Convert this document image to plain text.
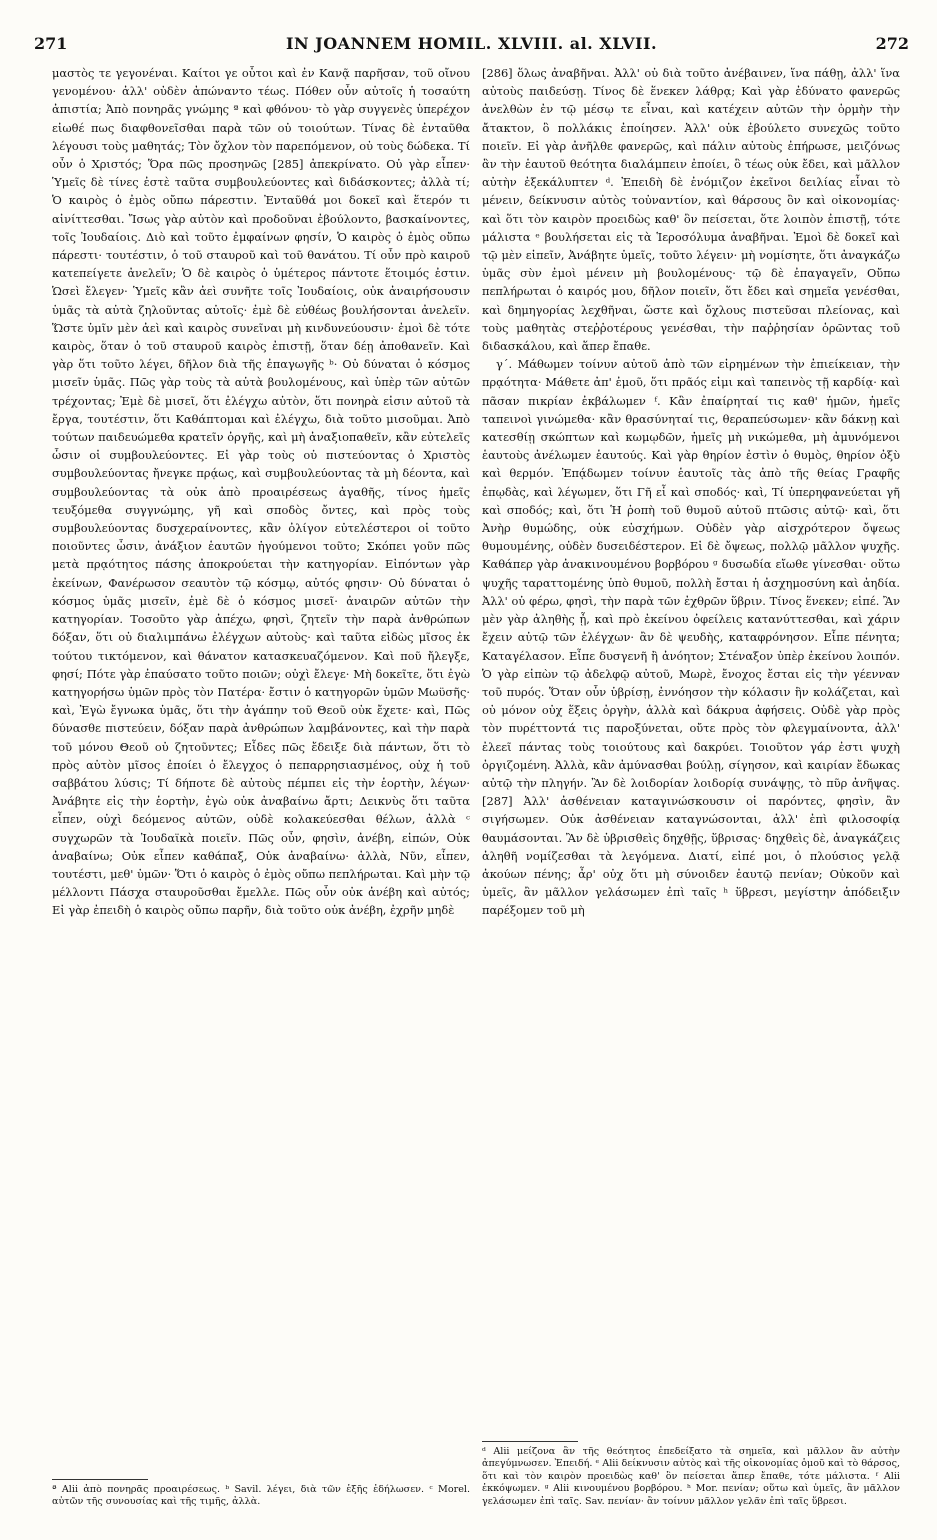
271	IN JOANNEM HOMIL. XLVIII. al. XLVII.	272

μαστὸς τε γεγονέναι. Καίτοι γε οὗτοι καὶ ἐν Κανᾷ παρῆσαν, τοῦ οἴνου γενομένου· ἀλλ' οὐδὲν ἀπώναντο τέως. Πόθεν οὖν αὐτοῖς ἡ τοσαύτη ἀπιστία; Ἀπὸ πονηρᾶς γνώμης ª καὶ φθόνου· τὸ γὰρ συγγενὲς ὑπερέχον εἰωθέ πως διαφθονεῖσθαι παρὰ τῶν οὐ τοιούτων. Τίνας δὲ ἐνταῦθα λέγουσι τοὺς μαθητάς; Τὸν ὄχλον τὸν παρεπόμενον, οὐ τοὺς δώδεκα. Τί οὖν ὁ Χριστός; Ὅρα πῶς προσηνῶς [285] ἀπεκρίνατο. Οὐ γὰρ εἶπεν· Ὑμεῖς δὲ τίνες ἐστὲ ταῦτα συμβουλεύοντες καὶ διδάσκοντες; ἀλλὰ τί; Ὁ καιρὸς ὁ ἐμὸς οὔπω πάρεστιν. Ἐνταῦθά μοι δοκεῖ καὶ ἕτερόν τι αἰνίττεσθαι. Ἴσως γὰρ αὐτὸν καὶ προδοῦναι ἐβούλοντο, βασκαίνοντες, τοῖς Ἰουδαίοις. Διὸ καὶ τοῦτο ἐμφαίνων φησίν, Ὁ καιρὸς ὁ ἐμὸς οὔπω πάρεστι· τουτέστιν, ὁ τοῦ σταυροῦ καὶ τοῦ θανάτου. Τί οὖν πρὸ καιροῦ κατεπείγετε ἀνελεῖν; Ὁ δὲ καιρὸς ὁ ὑμέτερος πάντοτε ἕτοιμός ἐστιν. Ὡσεὶ ἔλεγεν· Ὑμεῖς κἂν ἀεὶ συνῆτε τοῖς Ἰουδαίοις, οὐκ ἀναιρήσουσιν ὑμᾶς τὰ αὐτὰ ζηλοῦντας αὐτοῖς· ἐμὲ δὲ εὐθέως βουλήσονται ἀνελεῖν. Ὥστε ὑμῖν μὲν ἀεὶ καὶ καιρὸς συνεῖναι μὴ κινδυνεύουσιν· ἐμοὶ δὲ τότε καιρὸς, ὅταν ὁ τοῦ σταυροῦ καιρὸς ἐπιστῇ, ὅταν δέῃ ἀποθανεῖν. Καὶ γὰρ ὅτι τοῦτο λέγει, δῆλον διὰ τῆς ἐπαγωγῆς ᵇ· Οὐ δύναται ὁ κόσμος μισεῖν ὑμᾶς. Πῶς γὰρ τοὺς τὰ αὐτὰ βουλομένους, καὶ ὑπὲρ τῶν αὐτῶν τρέχοντας; Ἐμὲ δὲ μισεῖ, ὅτι ἐλέγχω αὐτὸν, ὅτι πονηρὰ εἰσιν αὐτοῦ τὰ ἔργα, τουτέστιν, ὅτι Καθάπτομαι καὶ ἐλέγχω, διὰ τοῦτο μισοῦμαι. Ἀπὸ τούτων παιδευώμεθα κρατεῖν ὀργῆς, καὶ μὴ ἀναξιοπαθεῖν, κἂν εὐτελεῖς ὦσιν οἱ συμβουλεύοντες. Εἰ γὰρ τοὺς οὐ πιστεύοντας ὁ Χριστὸς συμβουλεύοντας ἤνεγκε πρᾴως, καὶ συμβουλεύοντας τὰ μὴ δέοντα, καὶ συμβουλεύοντας τὰ οὐκ ἀπὸ προαιρέσεως ἀγαθῆς, τίνος ἡμεῖς τευξόμεθα συγγνώμης, γῆ καὶ σποδὸς ὄντες, καὶ πρὸς τοὺς συμβουλεύοντας δυσχεραίνοντες, κἂν ὀλίγον εὐτελέστεροι οἱ τοῦτο ποιοῦντες ὦσιν, ἀνάξιον ἑαυτῶν ἡγούμενοι τοῦτο; Σκόπει γοῦν πῶς μετὰ πρᾳότητος πάσης ἀποκρούεται τὴν κατηγορίαν. Εἰπόντων γὰρ ἐκείνων, Φανέρωσον σεαυτὸν τῷ κόσμῳ, αὐτός φησιν· Οὐ δύναται ὁ κόσμος ὑμᾶς μισεῖν, ἐμὲ δὲ ὁ κόσμος μισεῖ· ἀναιρῶν αὐτῶν τὴν κατηγορίαν. Τοσοῦτο γὰρ ἀπέχω, φησὶ, ζητεῖν τὴν παρὰ ἀνθρώπων δόξαν, ὅτι οὐ διαλιμπάνω ἐλέγχων αὐτοὺς· καὶ ταῦτα εἰδὼς μῖσος ἐκ τούτου τικτόμενον, καὶ θάνατον κατασκευαζόμενον. Καὶ ποῦ ἤλεγξε, φησί; Πότε γὰρ ἐπαύσατο τοῦτο ποιῶν; οὐχὶ ἔλεγε· Μὴ δοκεῖτε, ὅτι ἐγὼ κατηγορήσω ὑμῶν πρὸς τὸν Πατέρα· ἔστιν ὁ κατηγορῶν ὑμῶν Μωϋσῆς· καὶ, Ἐγὼ ἔγνωκα ὑμᾶς, ὅτι τὴν ἀγάπην τοῦ Θεοῦ οὐκ ἔχετε· καὶ, Πῶς δύνασθε πιστεύειν, δόξαν παρὰ ἀνθρώπων λαμβάνοντες, καὶ τὴν παρὰ τοῦ μόνου Θεοῦ οὐ ζητοῦντες; Εἶδες πῶς ἔδειξε διὰ πάντων, ὅτι τὸ πρὸς αὐτὸν μῖσος ἐποίει ὁ ἔλεγχος ὁ πεπαρρησιασμένος, οὐχ ἡ τοῦ σαββάτου λύσις; Τί δήποτε δὲ αὐτοὺς πέμπει εἰς τὴν ἑορτὴν, λέγων· Ἀνάβητε εἰς τὴν ἑορτὴν, ἐγὼ οὐκ ἀναβαίνω ἄρτι; Δεικνὺς ὅτι ταῦτα εἶπεν, οὐχὶ δεόμενος αὐτῶν, οὐδὲ κολακεύεσθαι θέλων, ἀλλὰ ᶜ συγχωρῶν τὰ Ἰουδαϊκὰ ποιεῖν. Πῶς οὖν, φησὶν, ἀνέβη, εἰπών, Οὐκ ἀναβαίνω; Οὐκ εἶπεν καθάπαξ, Οὐκ ἀναβαίνω· ἀλλὰ, Νῦν, εἶπεν, τουτέστι, μεθ' ὑμῶν· Ὅτι ὁ καιρὸς ὁ ἐμὸς οὔπω πεπλήρωται. Καὶ μὴν τῷ μέλλοντι Πάσχα σταυροῦσθαι ἔμελλε. Πῶς οὖν οὐκ ἀνέβη καὶ αὐτός; Εἰ γὰρ ἐπειδὴ ὁ καιρὸς οὔπω παρῆν, διὰ τοῦτο οὐκ ἀνέβη, ἐχρῆν μηδὲ

[286] ὅλως ἀναβῆναι. Ἀλλ' οὐ διὰ τοῦτο ἀνέβαινεν, ἵνα πάθῃ, ἀλλ' ἵνα αὐτοὺς παιδεύσῃ. Τίνος δὲ ἕνεκεν λάθρᾳ; Καὶ γὰρ ἐδύνατο φανερῶς ἀνελθὼν ἐν τῷ μέσῳ τε εἶναι, καὶ κατέχειν αὐτῶν τὴν ὁρμὴν τὴν ἄτακτον, ὃ πολλάκις ἐποίησεν. Ἀλλ' οὐκ ἐβούλετο συνεχῶς τοῦτο ποιεῖν. Εἰ γὰρ ἀνῆλθε φανερῶς, καὶ πάλιν αὐτοὺς ἐπήρωσε, μειζόνως ἂν τὴν ἑαυτοῦ θεότητα διαλάμπειν ἐποίει, ὃ τέως οὐκ ἔδει, καὶ μᾶλλον αὐτὴν ἐξεκάλυπτεν ᵈ. Ἐπειδὴ δὲ ἐνόμιζον ἐκεῖνοι δειλίας εἶναι τὸ μένειν, δείκνυσιν αὐτὸς τοὐναντίον, καὶ θάρσους ὂν καὶ οἰκονομίας· καὶ ὅτι τὸν καιρὸν προειδὼς καθ' ὃν πείσεται, ὅτε λοιπὸν ἐπιστῇ, τότε μάλιστα ᵉ βουλήσεται εἰς τὰ Ἱεροσόλυμα ἀναβῆναι. Ἐμοὶ δὲ δοκεῖ καὶ τῷ μὲν εἰπεῖν, Ἀνάβητε ὑμεῖς, τοῦτο λέγειν· μὴ νομίσητε, ὅτι ἀναγκάζω ὑμᾶς σὺν ἐμοὶ μένειν μὴ βουλομένους· τῷ δὲ ἐπαγαγεῖν, Οὔπω πεπλήρωται ὁ καιρός μου, δῆλον ποιεῖν, ὅτι ἔδει καὶ σημεῖα γενέσθαι, καὶ δημηγορίας λεχθῆναι, ὥστε καὶ ὄχλους πιστεῦσαι πλείονας, καὶ τοὺς μαθητὰς στεῤῥοτέρους γενέσθαι, τὴν παῤῥησίαν ὁρῶντας τοῦ διδασκάλου, καὶ ἅπερ ἔπαθε.

γ΄. Μάθωμεν τοίνυν αὐτοῦ ἀπὸ τῶν εἰρημένων τὴν ἐπιείκειαν, τὴν πρᾳότητα· Μάθετε ἀπ' ἐμοῦ, ὅτι πρᾶός εἰμι καὶ ταπεινὸς τῇ καρδίᾳ· καὶ πᾶσαν πικρίαν ἐκβάλωμεν ᶠ. Κἂν ἐπαίρηταί τις καθ' ἡμῶν, ἡμεῖς ταπεινοὶ γινώμεθα· κἂν θρασύνηταί τις, θεραπεύσωμεν· κἂν δάκνῃ καὶ κατεσθίῃ σκώπτων καὶ κωμῳδῶν, ἡμεῖς μὴ νικώμεθα, μὴ ἀμυνόμενοι ἑαυτοὺς ἀνέλωμεν ἑαυτούς. Καὶ γὰρ θηρίον ἐστὶν ὁ θυμὸς, θηρίον ὀξὺ καὶ θερμόν. Ἐπᾴδωμεν τοίνυν ἑαυτοῖς τὰς ἀπὸ τῆς θείας Γραφῆς ἐπῳδὰς, καὶ λέγωμεν, ὅτι Γῆ εἶ καὶ σποδός· καὶ, Τί ὑπερηφανεύεται γῆ καὶ σποδός; καὶ, ὅτι Ἡ ῥοπὴ τοῦ θυμοῦ αὐτοῦ πτῶσις αὐτῷ· καὶ, ὅτι Ἀνὴρ θυμώδης, οὐκ εὐσχήμων. Οὐδὲν γὰρ αἰσχρότερον ὄψεως θυμουμένης, οὐδὲν δυσειδέστερον. Εἰ δὲ ὄψεως, πολλῷ μᾶλλον ψυχῆς. Καθάπερ γὰρ ἀνακινουμένου βορβόρου ᵍ δυσωδία εἴωθε γίνεσθαι· οὕτω ψυχῆς ταραττομένης ὑπὸ θυμοῦ, πολλὴ ἔσται ἡ ἀσχημοσύνη καὶ ἀηδία. Ἀλλ' οὐ φέρω, φησὶ, τὴν παρὰ τῶν ἐχθρῶν ὕβριν. Τίνος ἕνεκεν; εἰπέ. Ἂν μὲν γὰρ ἀληθὴς ᾖ, καὶ πρὸ ἐκείνου ὀφείλεις κατανύττεσθαι, καὶ χάριν ἔχειν αὐτῷ τῶν ἐλέγχων· ἂν δὲ ψευδὴς, καταφρόνησον. Εἶπε πένητα; Καταγέλασον. Εἶπε δυσγενῆ ἢ ἀνόητον; Στέναξον ὑπὲρ ἐκείνου λοιπόν. Ὁ γὰρ εἰπὼν τῷ ἀδελφῷ αὐτοῦ, Μωρὲ, ἔνοχος ἔσται εἰς τὴν γέενναν τοῦ πυρός. Ὅταν οὖν ὑβρίσῃ, ἐννόησον τὴν κόλασιν ἣν κολάζεται, καὶ οὐ μόνον οὐχ ἕξεις ὀργὴν, ἀλλὰ καὶ δάκρυα ἀφήσεις. Οὐδὲ γὰρ πρὸς τὸν πυρέττοντά τις παροξύνεται, οὔτε πρὸς τὸν φλεγμαίνοντα, ἀλλ' ἐλεεῖ πάντας τοὺς τοιούτους καὶ δακρύει. Τοιοῦτον γάρ ἐστι ψυχὴ ὀργιζομένη. Ἀλλὰ, κἂν ἀμύνασθαι βούλῃ, σίγησον, καὶ καιρίαν ἔδωκας αὐτῷ τὴν πληγήν. Ἂν δὲ λοιδορίαν λοιδορίᾳ συνάψῃς, τὸ πῦρ ἀνῆψας. [287] Ἀλλ' ἀσθένειαν καταγινώσκουσιν οἱ παρόντες, φησὶν, ἂν σιγήσωμεν. Οὐκ ἀσθένειαν καταγνώσονται, ἀλλ' ἐπὶ φιλοσοφίᾳ θαυμάσονται. Ἂν δὲ ὑβρισθεὶς δηχθῇς, ὕβρισας· δηχθεὶς δὲ, ἀναγκάζεις ἀληθῆ νομίζεσθαι τὰ λεγόμενα. Διατί, εἰπέ μοι, ὁ πλούσιος γελᾷ ἀκούων πένης; ἆρ' οὐχ ὅτι μὴ σύνοιδεν ἑαυτῷ πενίαν; Οὐκοῦν καὶ ὑμεῖς, ἂν μᾶλλον γελάσωμεν ἐπὶ ταῖς ʰ ὕβρεσι, μεγίστην ἀπόδειξιν παρέξομεν τοῦ μὴ

ª Alii ἀπὸ πονηρᾶς προαιρέσεως. ᵇ Savil. λέγει, διὰ τῶν ἑξῆς ἐδήλωσεν. ᶜ Morel. αὐτῶν τῆς συνουσίας καὶ τῆς τιμῆς, ἀλλὰ.

ᵈ Alii μείζονα ἂν τῆς θεότητος ἐπεδείξατο τὰ σημεῖα, καὶ μᾶλλον ἂν αὐτὴν ἀπεγύμνωσεν. Ἐπειδή. ᵉ Alii δείκνυσιν αὐτὸς καὶ τῆς οἰκονομίας ὁμοῦ καὶ τὸ θάρσος, ὅτι καὶ τὸν καιρὸν προειδὼς καθ' ὃν πείσεται ἅπερ ἔπαθε, τότε μάλιστα. ᶠ Alii ἐκκόψωμεν. ᵍ Alii κινουμένου βορβόρου. ʰ Mor. πενίαν; οὕτω καὶ ὑμεῖς, ἂν μᾶλλον γελάσωμεν ἐπὶ ταῖς. Sav. πενίαν· ἂν τοίνυν μᾶλλον γελᾶν ἐπὶ ταῖς ὕβρεσι.
